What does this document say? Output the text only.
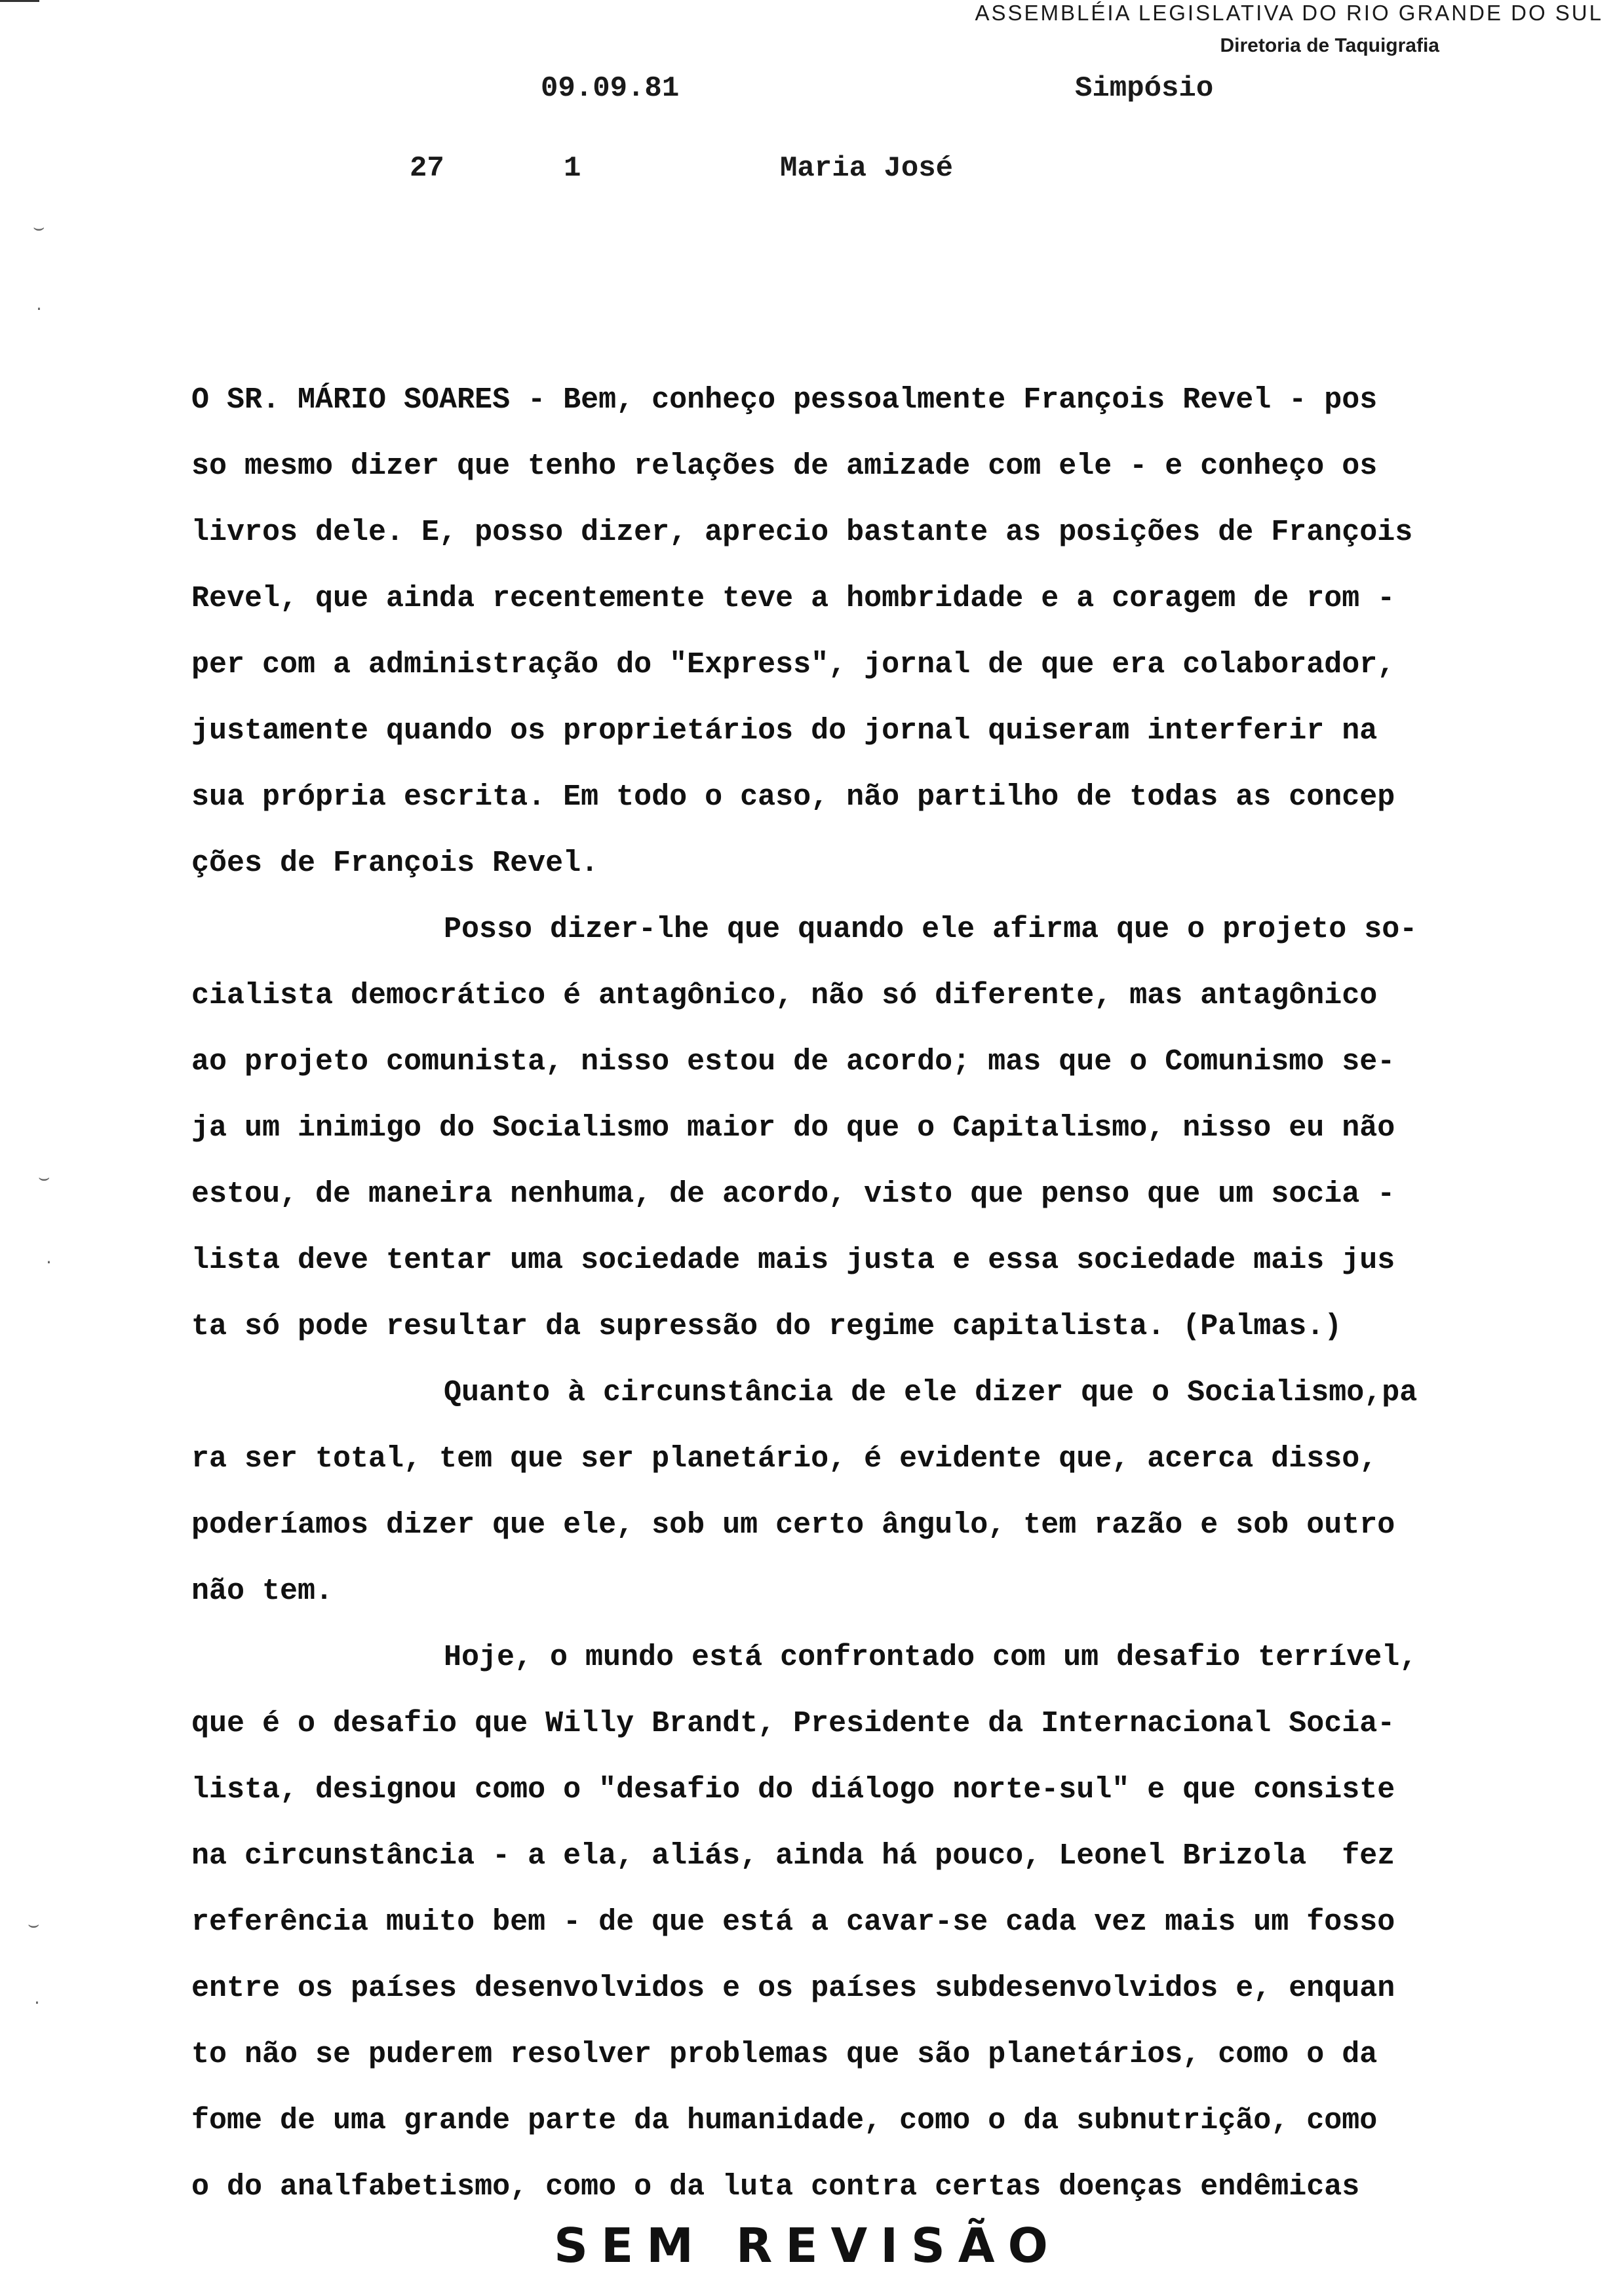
ASSEMBLÉIA LEGISLATIVA DO RIO GRANDE DO SUL
Diretoria de Taquigrafia
09.09.81	Simpósio
27	1	Maria José
⌣
·
⌣
·
⌣
·
O SR. MÁRIO SOARES - Bem, conheço pessoalmente François Revel - pos
so mesmo dizer que tenho relações de amizade com ele - e conheço os
livros dele. E, posso dizer, aprecio bastante as posições de François
Revel, que ainda recentemente teve a hombridade e a coragem de rom -
per com a administração do "Express", jornal de que era colaborador,
justamente quando os proprietários do jornal quiseram interferir na
sua própria escrita. Em todo o caso, não partilho de todas as concep
ções de François Revel.
Posso dizer-lhe que quando ele afirma que o projeto so-
cialista democrático é antagônico, não só diferente, mas antagônico
ao projeto comunista, nisso estou de acordo; mas que o Comunismo se-
ja um inimigo do Socialismo maior do que o Capitalismo, nisso eu não
estou, de maneira nenhuma, de acordo, visto que penso que um socia -
lista deve tentar uma sociedade mais justa e essa sociedade mais jus
ta só pode resultar da supressão do regime capitalista. (Palmas.)
Quanto à circunstância de ele dizer que o Socialismo,pa
ra ser total, tem que ser planetário, é evidente que, acerca disso,
poderíamos dizer que ele, sob um certo ângulo, tem razão e sob outro
não tem.
Hoje, o mundo está confrontado com um desafio terrível,
que é o desafio que Willy Brandt, Presidente da Internacional Socia-
lista, designou como o "desafio do diálogo norte-sul" e que consiste
na circunstância - a ela, aliás, ainda há pouco, Leonel Brizola  fez
referência muito bem - de que está a cavar-se cada vez mais um fosso
entre os países desenvolvidos e os países subdesenvolvidos e, enquan
to não se puderem resolver problemas que são planetários, como o da
fome de uma grande parte da humanidade, como o da subnutrição, como
o do analfabetismo, como o da luta contra certas doenças endêmicas
SEM REVISÃO
